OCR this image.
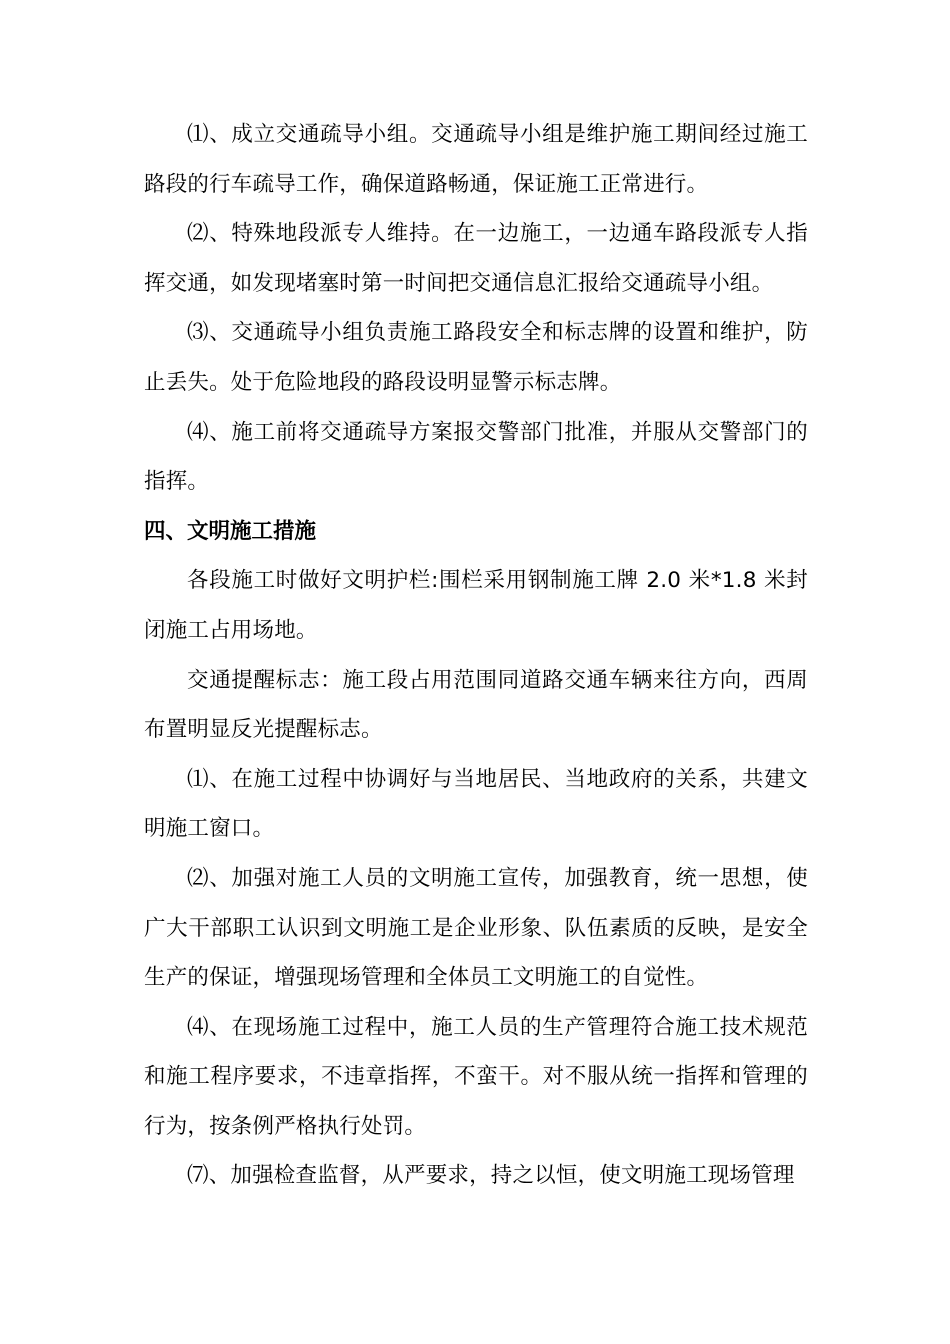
⑴、成立交通疏导小组。交通疏导小组是维护施工期间经过施工路段的行车疏导工作，确保道路畅通，保证施工正常进行。

⑵、特殊地段派专人维持。在一边施工，一边通车路段派专人指挥交通，如发现堵塞时第一时间把交通信息汇报给交通疏导小组。

⑶、交通疏导小组负责施工路段安全和标志牌的设置和维护，防止丢失。处于危险地段的路段设明显警示标志牌。

⑷、施工前将交通疏导方案报交警部门批准，并服从交警部门的指挥。

四、文明施工措施

各段施工时做好文明护栏:围栏采用钢制施工牌 2.0 米*1.8 米封闭施工占用场地。

交通提醒标志：施工段占用范围同道路交通车辆来往方向，西周布置明显反光提醒标志。

⑴、在施工过程中协调好与当地居民、当地政府的关系，共建文明施工窗口。

⑵、加强对施工人员的文明施工宣传，加强教育，统一思想，使广大干部职工认识到文明施工是企业形象、队伍素质的反映，是安全生产的保证，增强现场管理和全体员工文明施工的自觉性。

⑷、在现场施工过程中，施工人员的生产管理符合施工技术规范和施工程序要求，不违章指挥，不蛮干。对不服从统一指挥和管理的行为，按条例严格执行处罚。

⑺、加强检查监督，从严要求，持之以恒，使文明施工现场管理
